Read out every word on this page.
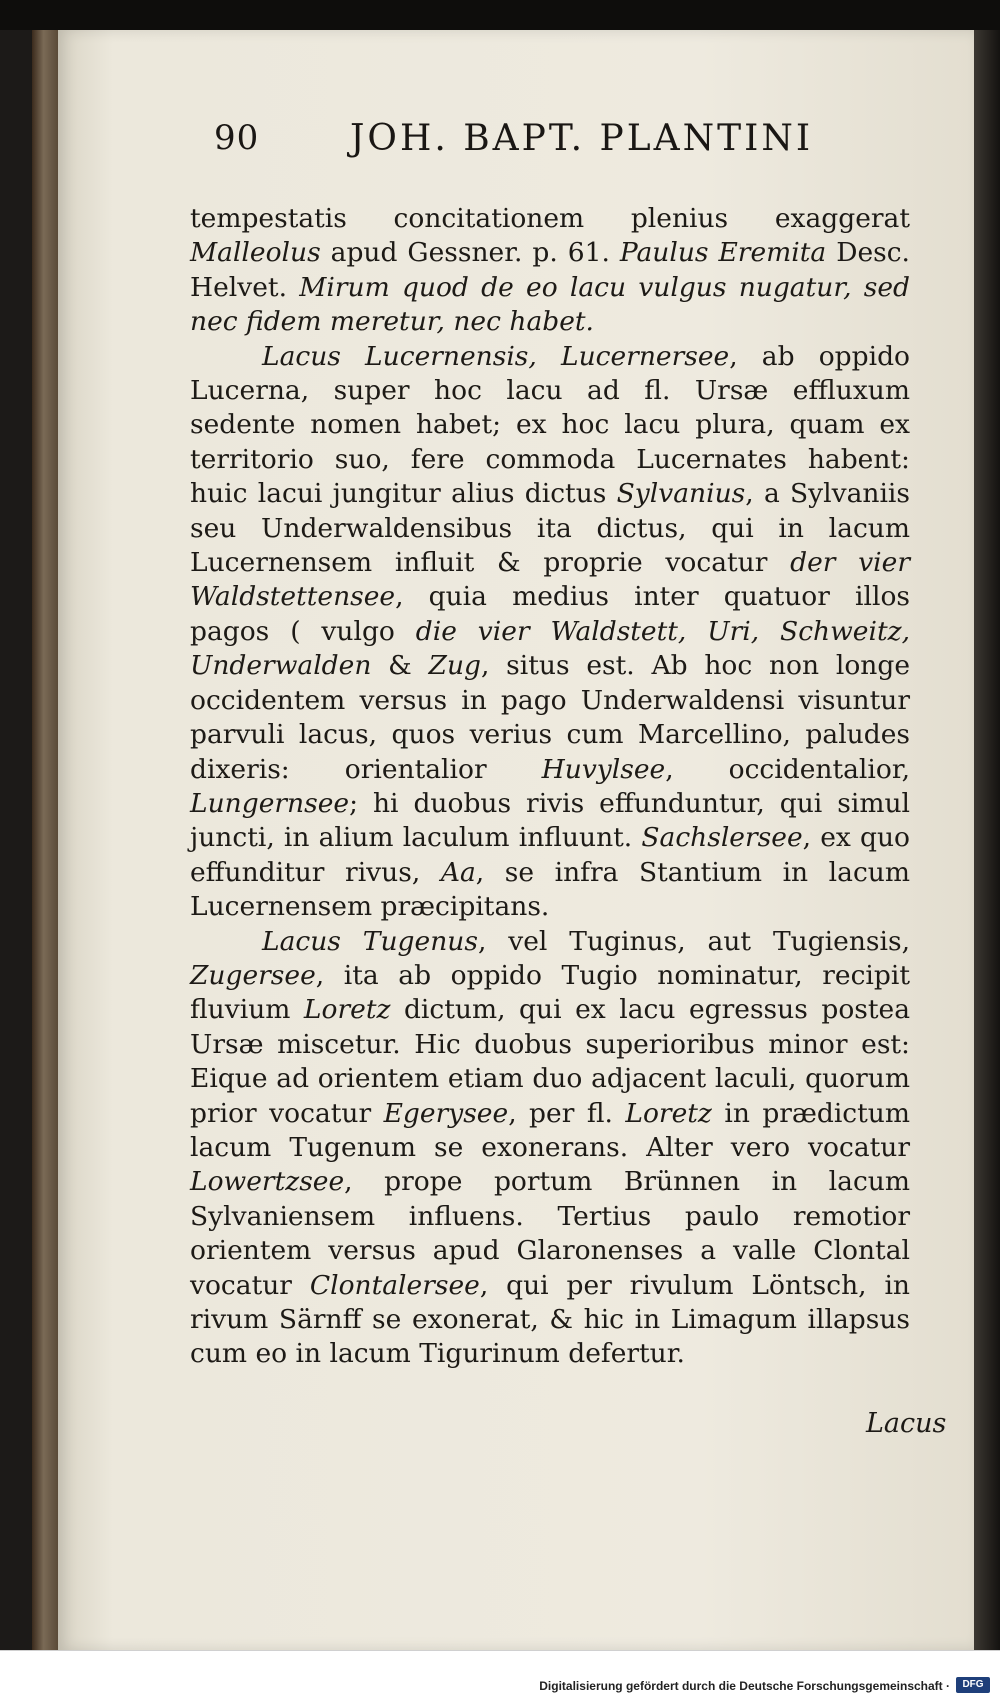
90	JOH. BAPT. PLANTINI

tempestatis concitationem plenius exaggerat Malleolus apud Gessner. p. 61. Paulus Eremita Desc. Helvet. Mirum quod de eo lacu vulgus nugatur, sed nec fidem meretur, nec habet.

Lacus Lucernensis, Lucernersee, ab oppido Lucerna, super hoc lacu ad fl. Ursæ effluxum sedente nomen habet; ex hoc lacu plura, quam ex territorio suo, fere commoda Lucernates habent: huic lacui jungitur alius dictus Sylvanius, a Sylvaniis seu Underwaldensibus ita dictus, qui in lacum Lucernensem influit & proprie vocatur der vier Waldstettensee, quia medius inter quatuor illos pagos ( vulgo die vier Waldstett, Uri, Schweitz, Underwalden & Zug, situs est. Ab hoc non longe occidentem versus in pago Underwaldensi visuntur parvuli lacus, quos verius cum Marcellino, paludes dixeris: orientalior Huvylsee, occidentalior, Lungernsee; hi duobus rivis effunduntur, qui simul juncti, in alium laculum influunt. Sachslersee, ex quo effunditur rivus, Aa, se infra Stantium in lacum Lucernensem præcipitans.

Lacus Tugenus, vel Tuginus, aut Tugiensis, Zugersee, ita ab oppido Tugio nominatur, recipit fluvium Loretz dictum, qui ex lacu egressus postea Ursæ miscetur. Hic duobus superioribus minor est: Eique ad orientem etiam duo adjacent laculi, quorum prior vocatur Egerysee, per fl. Loretz in prædictum lacum Tugenum se exonerans. Alter vero vocatur Lowertzsee, prope portum Brünnen in lacum Sylvaniensem influens. Tertius paulo remotior orientem versus apud Glaronenses a valle Clontal vocatur Clontalersee, qui per rivulum Löntsch, in rivum Särnff se exonerat, & hic in Limagum illapsus cum eo in lacum Tigurinum defertur.

Lacus
Digitalisierung gefördert durch die Deutsche Forschungsgemeinschaft ·	DFG
